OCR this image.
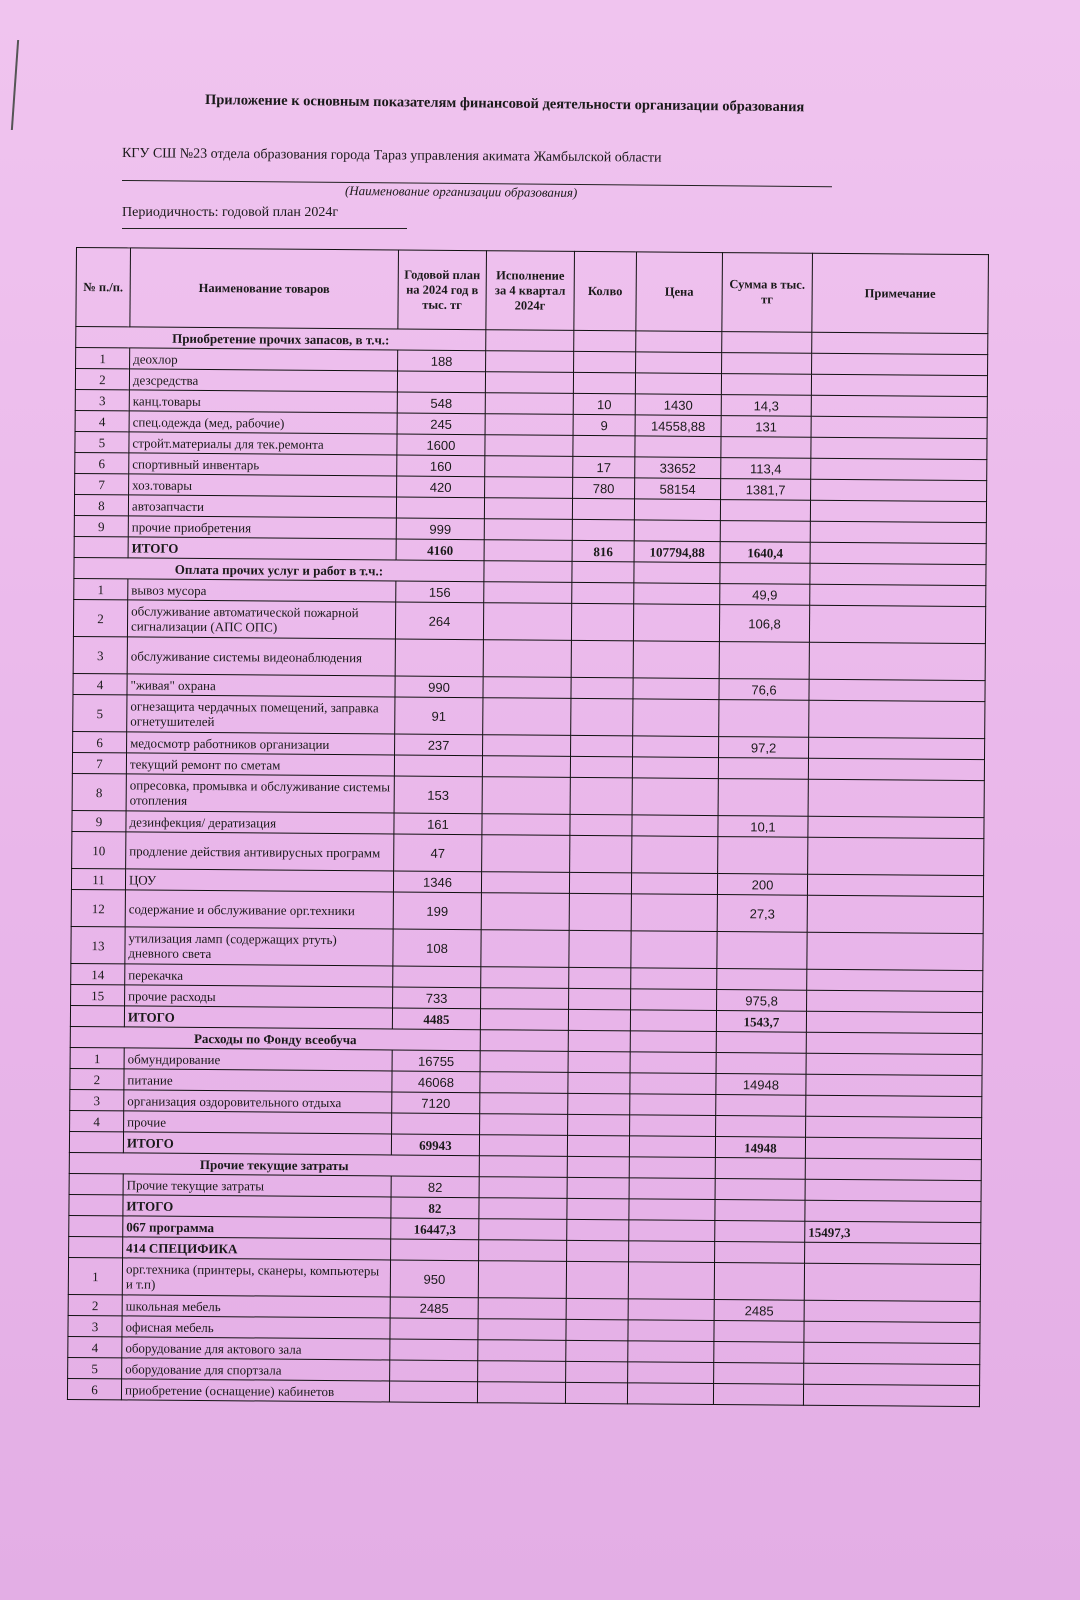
Приложение к основным показателям финансовой деятельности организации образования
КГУ СШ №23 отдела образования города Тараз управления акимата Жамбылской области
(Наименование организации образования)
Периодичность: годовой план 2024г
№ п./п.	Наименование товаров	Годовой план на 2024 год в тыс. тг	Исполнение за 4 квартал 2024г	Колво	Цена	Сумма в тыс. тг	Примечание
Приобретение прочих запасов, в т.ч.:							
1	деохлор	188					
2	дезсредства						
3	канц.товары	548		10	1430	14,3	
4	спец.одежда (мед, рабочие)	245		9	14558,88	131	
5	стройт.материалы для тек.ремонта	1600					
6	спортивный инвентарь	160		17	33652	113,4	
7	хоз.товары	420		780	58154	1381,7	
8	автозапчасти						
9	прочие приобретения	999					
	ИТОГО	4160		816	107794,88	1640,4	
Оплата прочих услуг и работ в т.ч.:							
1	вывоз мусора	156				49,9	
2	обслуживание автоматической пожарной сигнализации (АПС ОПС)	264				106,8	
3	обслуживание системы видеонаблюдения						
4	"живая" охрана	990				76,6	
5	огнезащита чердачных помещений, заправка огнетушителей	91					
6	медосмотр работников организации	237				97,2	
7	текущий ремонт по сметам						
8	опресовка, промывка и обслуживание системы отопления	153					
9	дезинфекция/ дератизация	161				10,1	
10	продление действия антивирусных программ	47					
11	ЦОУ	1346				200	
12	содержание и обслуживание орг.техники	199				27,3	
13	утилизация ламп (содержащих ртуть) дневного света	108					
14	перекачка						
15	прочие расходы	733				975,8	
	ИТОГО	4485				1543,7	
Расходы по Фонду всеобуча							
1	обмундирование	16755					
2	питание	46068				14948	
3	организация оздоровительного отдыха	7120					
4	прочие						
	ИТОГО	69943				14948	
Прочие текущие затраты							
	Прочие текущие затраты	82					
	ИТОГО	82					
	067 программа	16447,3					15497,3
	414 СПЕЦИФИКА						
1	орг.техника (принтеры, сканеры, компьютеры и т.п)	950					
2	школьная мебель	2485				2485	
3	офисная мебель						
4	оборудование для актового зала						
5	оборудование для спортзала						
6	приобретение (оснащение) кабинетов						
